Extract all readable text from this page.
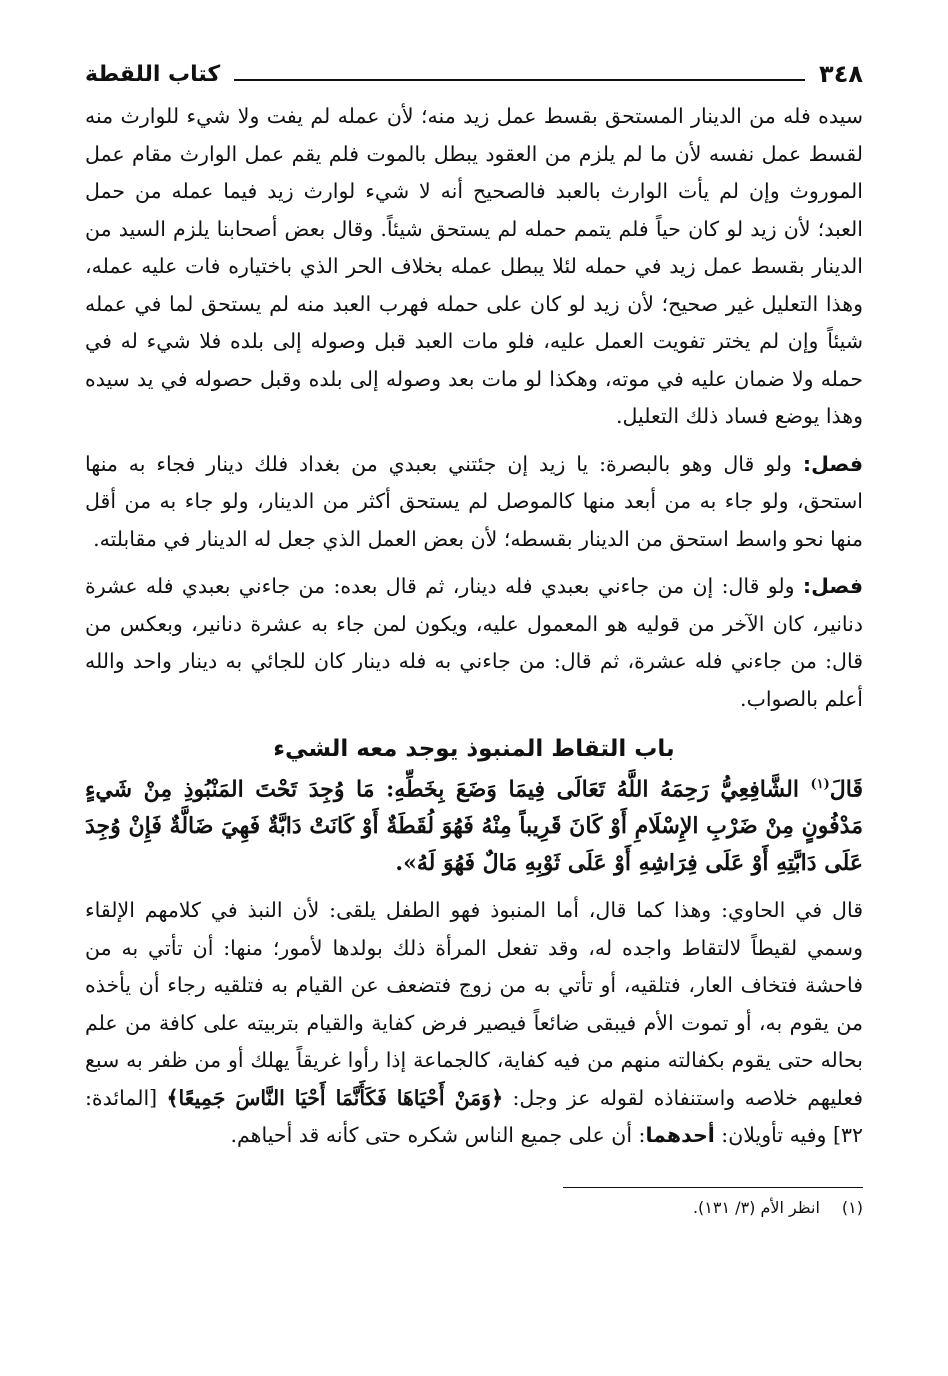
٣٤٨
كتاب اللقطة

سيده فله من الدينار المستحق بقسط عمل زيد منه؛ لأن عمله لم يفت ولا شيء للوارث منه لقسط عمل نفسه لأن ما لم يلزم من العقود يبطل بالموت فلم يقم عمل الوارث مقام عمل الموروث وإن لم يأت الوارث بالعبد فالصحيح أنه لا شيء لوارث زيد فيما عمله من حمل العبد؛ لأن زيد لو كان حياً فلم يتمم حمله لم يستحق شيئاً. وقال بعض أصحابنا يلزم السيد من الدينار بقسط عمل زيد في حمله لئلا يبطل عمله بخلاف الحر الذي باختياره فات عليه عمله، وهذا التعليل غير صحيح؛ لأن زيد لو كان على حمله فهرب العبد منه لم يستحق لما في عمله شيئاً وإن لم يختر تفويت العمل عليه، فلو مات العبد قبل وصوله إلى بلده فلا شيء له في حمله ولا ضمان عليه في موته، وهكذا لو مات بعد وصوله إلى بلده وقبل حصوله في يد سيده وهذا يوضع فساد ذلك التعليل.

فصل: ولو قال وهو بالبصرة: يا زيد إن جئتني بعبدي من بغداد فلك دينار فجاء به منها استحق، ولو جاء به من أبعد منها كالموصل لم يستحق أكثر من الدينار، ولو جاء به من أقل منها نحو واسط استحق من الدينار بقسطه؛ لأن بعض العمل الذي جعل له الدينار في مقابلته.

فصل: ولو قال: إن من جاءني بعبدي فله دينار، ثم قال بعده: من جاءني بعبدي فله عشرة دنانير، كان الآخر من قوليه هو المعمول عليه، ويكون لمن جاء به عشرة دنانير، وبعكس من قال: من جاءني فله عشرة، ثم قال: من جاءني به فله دينار كان للجائي به دينار واحد والله أعلم بالصواب.

باب التقاط المنبوذ يوجد معه الشيء

قَالَ$^{(١)}$ الشَّافِعِيُّ رَحِمَهُ اللَّهُ تَعَالَى فِيمَا وَضَعَ بِخَطِّهِ: مَا وُجِدَ تَحْتَ المَنْبُوذِ مِنْ شَيءٍ مَدْفُونٍ مِنْ ضَرْبِ الإِسْلَامِ أَوْ كَانَ قَرِيباً مِنْهُ فَهُوَ لُقَطَةٌ أَوْ كَانَتْ دَابَّةٌ فَهِيَ ضَالَّةٌ فَإِنْ وُجِدَ عَلَى دَابَّتِهِ أَوْ عَلَى فِرَاشِهِ أَوْ عَلَى ثَوْبِهِ مَالٌ فَهُوَ لَهُ».

قال في الحاوي: وهذا كما قال، أما المنبوذ فهو الطفل يلقى: لأن النبذ في كلامهم الإلقاء وسمي لقيطاً لالتقاط واجده له، وقد تفعل المرأة ذلك بولدها لأمور؛ منها: أن تأتي به من فاحشة فتخاف العار، فتلقيه، أو تأتي به من زوج فتضعف عن القيام به فتلقيه رجاء أن يأخذه من يقوم به، أو تموت الأم فيبقى ضائعاً فيصير فرض كفاية والقيام بتربيته على كافة من علم بحاله حتى يقوم بكفالته منهم من فيه كفاية، كالجماعة إذا رأوا غريقاً يهلك أو من ظفر به سبع فعليهم خلاصه واستنفاذه لقوله عز وجل: ﴿وَمَنْ أَحْيَاهَا فَكَأَنَّمَا أَحْيَا النَّاسَ جَمِيعًا﴾ [المائدة: ٣٢] وفيه تأويلان: أحدهما: أن على جميع الناس شكره حتى كأنه قد أحياهم.

(١)
انظر الأم (٣/ ١٣١).
